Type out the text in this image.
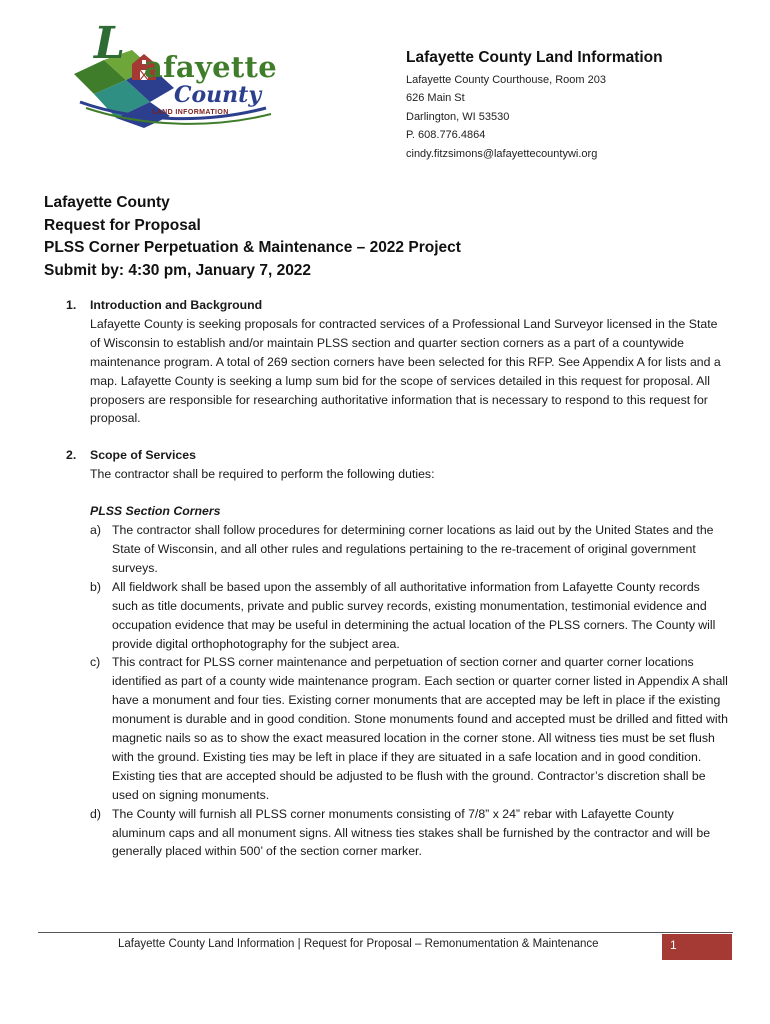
L afayette
County
LAND INFORMATION
Lafayette County Land Information
Lafayette County Courthouse, Room 203
626 Main St
Darlington, WI 53530
P. 608.776.4864
cindy.fitzsimons@lafayettecountywi.org
Lafayette County
Request for Proposal
PLSS Corner Perpetuation & Maintenance – 2022 Project
Submit by: 4:30 pm, January 7, 2022
1. Introduction and Background
Lafayette County is seeking proposals for contracted services of a Professional Land Surveyor licensed in the State of Wisconsin to establish and/or maintain PLSS section and quarter section corners as a part of a countywide maintenance program. A total of 269 section corners have been selected for this RFP. See Appendix A for lists and a map. Lafayette County is seeking a lump sum bid for the scope of services detailed in this request for proposal. All proposers are responsible for researching authoritative information that is necessary to respond to this request for proposal.
2. Scope of Services
The contractor shall be required to perform the following duties:
PLSS Section Corners
a) The contractor shall follow procedures for determining corner locations as laid out by the United States and the State of Wisconsin, and all other rules and regulations pertaining to the re-tracement of original government surveys.
b) All fieldwork shall be based upon the assembly of all authoritative information from Lafayette County records such as title documents, private and public survey records, existing monumentation, testimonial evidence and occupation evidence that may be useful in determining the actual location of the PLSS corners. The County will provide digital orthophotography for the subject area.
c) This contract for PLSS corner maintenance and perpetuation of section corner and quarter corner locations identified as part of a county wide maintenance program. Each section or quarter corner listed in Appendix A shall have a monument and four ties. Existing corner monuments that are accepted may be left in place if the existing monument is durable and in good condition. Stone monuments found and accepted must be drilled and fitted with magnetic nails so as to show the exact measured location in the corner stone. All witness ties must be set flush with the ground. Existing ties may be left in place if they are situated in a safe location and in good condition. Existing ties that are accepted should be adjusted to be flush with the ground. Contractor’s discretion shall be used on signing monuments.
d) The County will furnish all PLSS corner monuments consisting of 7/8” x 24” rebar with Lafayette County aluminum caps and all monument signs. All witness ties stakes shall be furnished by the contractor and will be generally placed within 500’ of the section corner marker.
Lafayette County Land Information | Request for Proposal – Remonumentation & Maintenance	1
